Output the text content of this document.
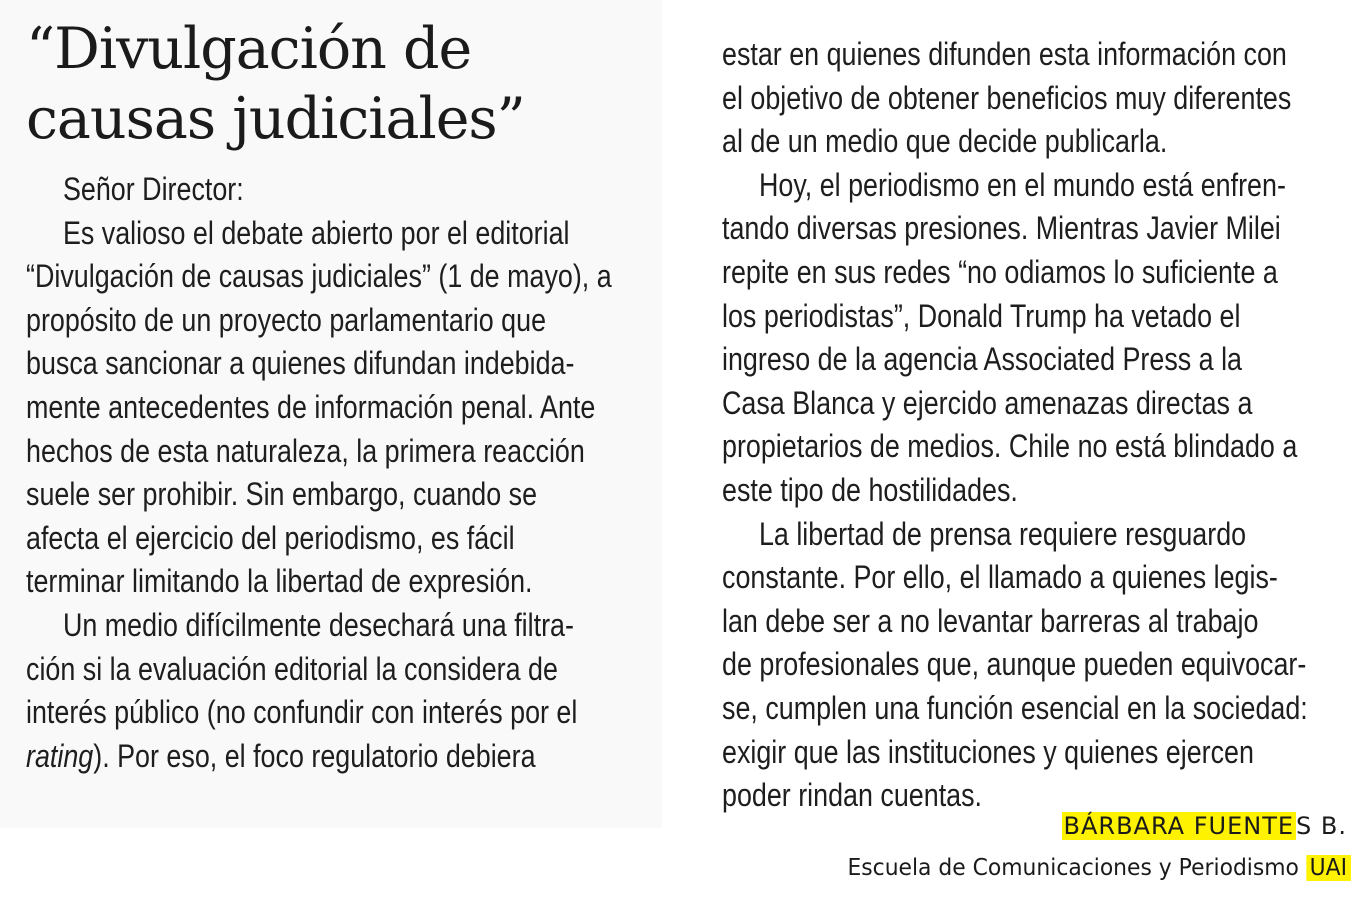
“Divulgación de
causas judiciales”
Señor Director:
Es valioso el debate abierto por el editorial
“Divulgación de causas judiciales” (1 de mayo), a
propósito de un proyecto parlamentario que
busca sancionar a quienes difundan indebida-
mente antecedentes de información penal. Ante
hechos de esta naturaleza, la primera reacción
suele ser prohibir. Sin embargo, cuando se
afecta el ejercicio del periodismo, es fácil
terminar limitando la libertad de expresión.
Un medio difícilmente desechará una filtra-
ción si la evaluación editorial la considera de
interés público (no confundir con interés por el
rating). Por eso, el foco regulatorio debiera
estar en quienes difunden esta información con
el objetivo de obtener beneficios muy diferentes
al de un medio que decide publicarla.
Hoy, el periodismo en el mundo está enfren-
tando diversas presiones. Mientras Javier Milei
repite en sus redes “no odiamos lo suficiente a
los periodistas”, Donald Trump ha vetado el
ingreso de la agencia Associated Press a la
Casa Blanca y ejercido amenazas directas a
propietarios de medios. Chile no está blindado a
este tipo de hostilidades.
La libertad de prensa requiere resguardo
constante. Por ello, el llamado a quienes legis-
lan debe ser a no levantar barreras al trabajo
de profesionales que, aunque pueden equivocar-
se, cumplen una función esencial en la sociedad:
exigir que las instituciones y quienes ejercen
poder rindan cuentas.
BÁRBARA FUENTES B.
Escuela de Comunicaciones y Periodismo UAI
